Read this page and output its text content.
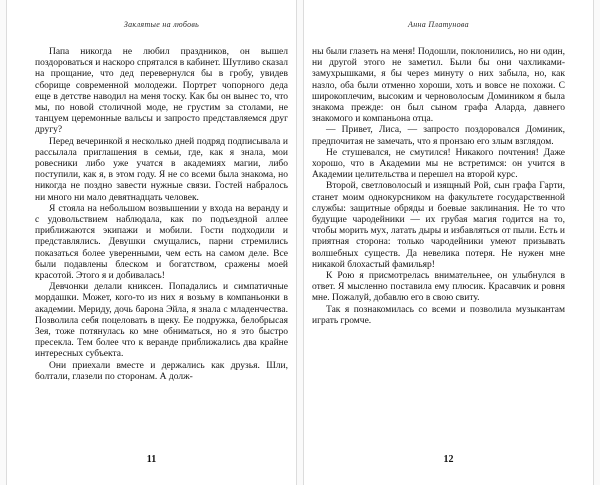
Заклятые на любовь

Папа никогда не любил праздников, он вышел поздороваться и наскоро спрятался в кабинет. Шутливо сказал на прощание, что дед перевернулся бы в гробу, увидев сборище современной молодежи. Портрет чопорного деда еще в детстве наводил на меня тоску. Как бы он вынес то, что мы, по новой столичной моде, не грустим за столами, не танцуем церемонные вальсы и запросто представляемся друг другу?

Перед вечеринкой я несколько дней подряд подписывала и рассылала приглашения в семьи, где, как я знала, мои ровесники либо уже учатся в академиях магии, либо поступили, как я, в этом году. Я не со всеми была знакома, но никогда не поздно завести нужные связи. Гостей набралось ни много ни мало девятнадцать человек.

Я стояла на небольшом возвышении у входа на веранду и с удовольствием наблюдала, как по подъездной аллее приближаются экипажи и мобили. Гости подходили и представлялись. Девушки смущались, парни стремились показаться более уверенными, чем есть на самом деле. Все были подавлены блеском и богатством, сражены моей красотой. Этого я и добивалась!

Девчонки делали книксен. Попадались и симпатичные мордашки. Может, кого-то из них я возьму в компаньонки в академии. Мериду, дочь барона Эйла, я знала с младенчества. Позволила себя поцеловать в щеку. Ее подружка, белобрысая Зея, тоже потянулась ко мне обниматься, но я это быстро пресекла. Тем более что к веранде приближались два крайне интересных субъекта.

Они приехали вместе и держались как друзья. Шли, болтали, глазели по сторонам. А долж-

11
Анна Платунова

ны были глазеть на меня! Подошли, поклонились, но ни один, ни другой этого не заметил. Были бы они чахликами-замухрышками, я бы через минуту о них забыла, но, как назло, оба были отменно хороши, хоть и вовсе не похожи. С широкоплечим, высоким и черноволосым Домиником я была знакома прежде: он был сыном графа Аларда, давнего знакомого и компаньона отца.

— Привет, Лиса, — запросто поздоровался Доминик, предпочитая не замечать, что я пронзаю его злым взглядом.

Не стушевался, не смутился! Никакого почтения! Даже хорошо, что в Академии мы не встретимся: он учится в Академии целительства и перешел на второй курс.

Второй, светловолосый и изящный Рой, сын графа Гарти, станет моим однокурсником на факультете государственной службы: защитные обряды и боевые заклинания. Не то что будущие чародейники — их грубая магия годится на то, чтобы морить мух, латать дыры и избавляться от пыли. Есть и приятная сторона: только чародейники умеют призывать волшебных существ. Да невелика потеря. Не нужен мне никакой блохастый фамильяр!

К Рою я присмотрелась внимательнее, он улыбнулся в ответ. Я мысленно поставила ему плюсик. Красавчик и ровня мне. Пожалуй, добавлю его в свою свиту.

Так я познакомилась со всеми и позволила музыкантам играть громче.

12
